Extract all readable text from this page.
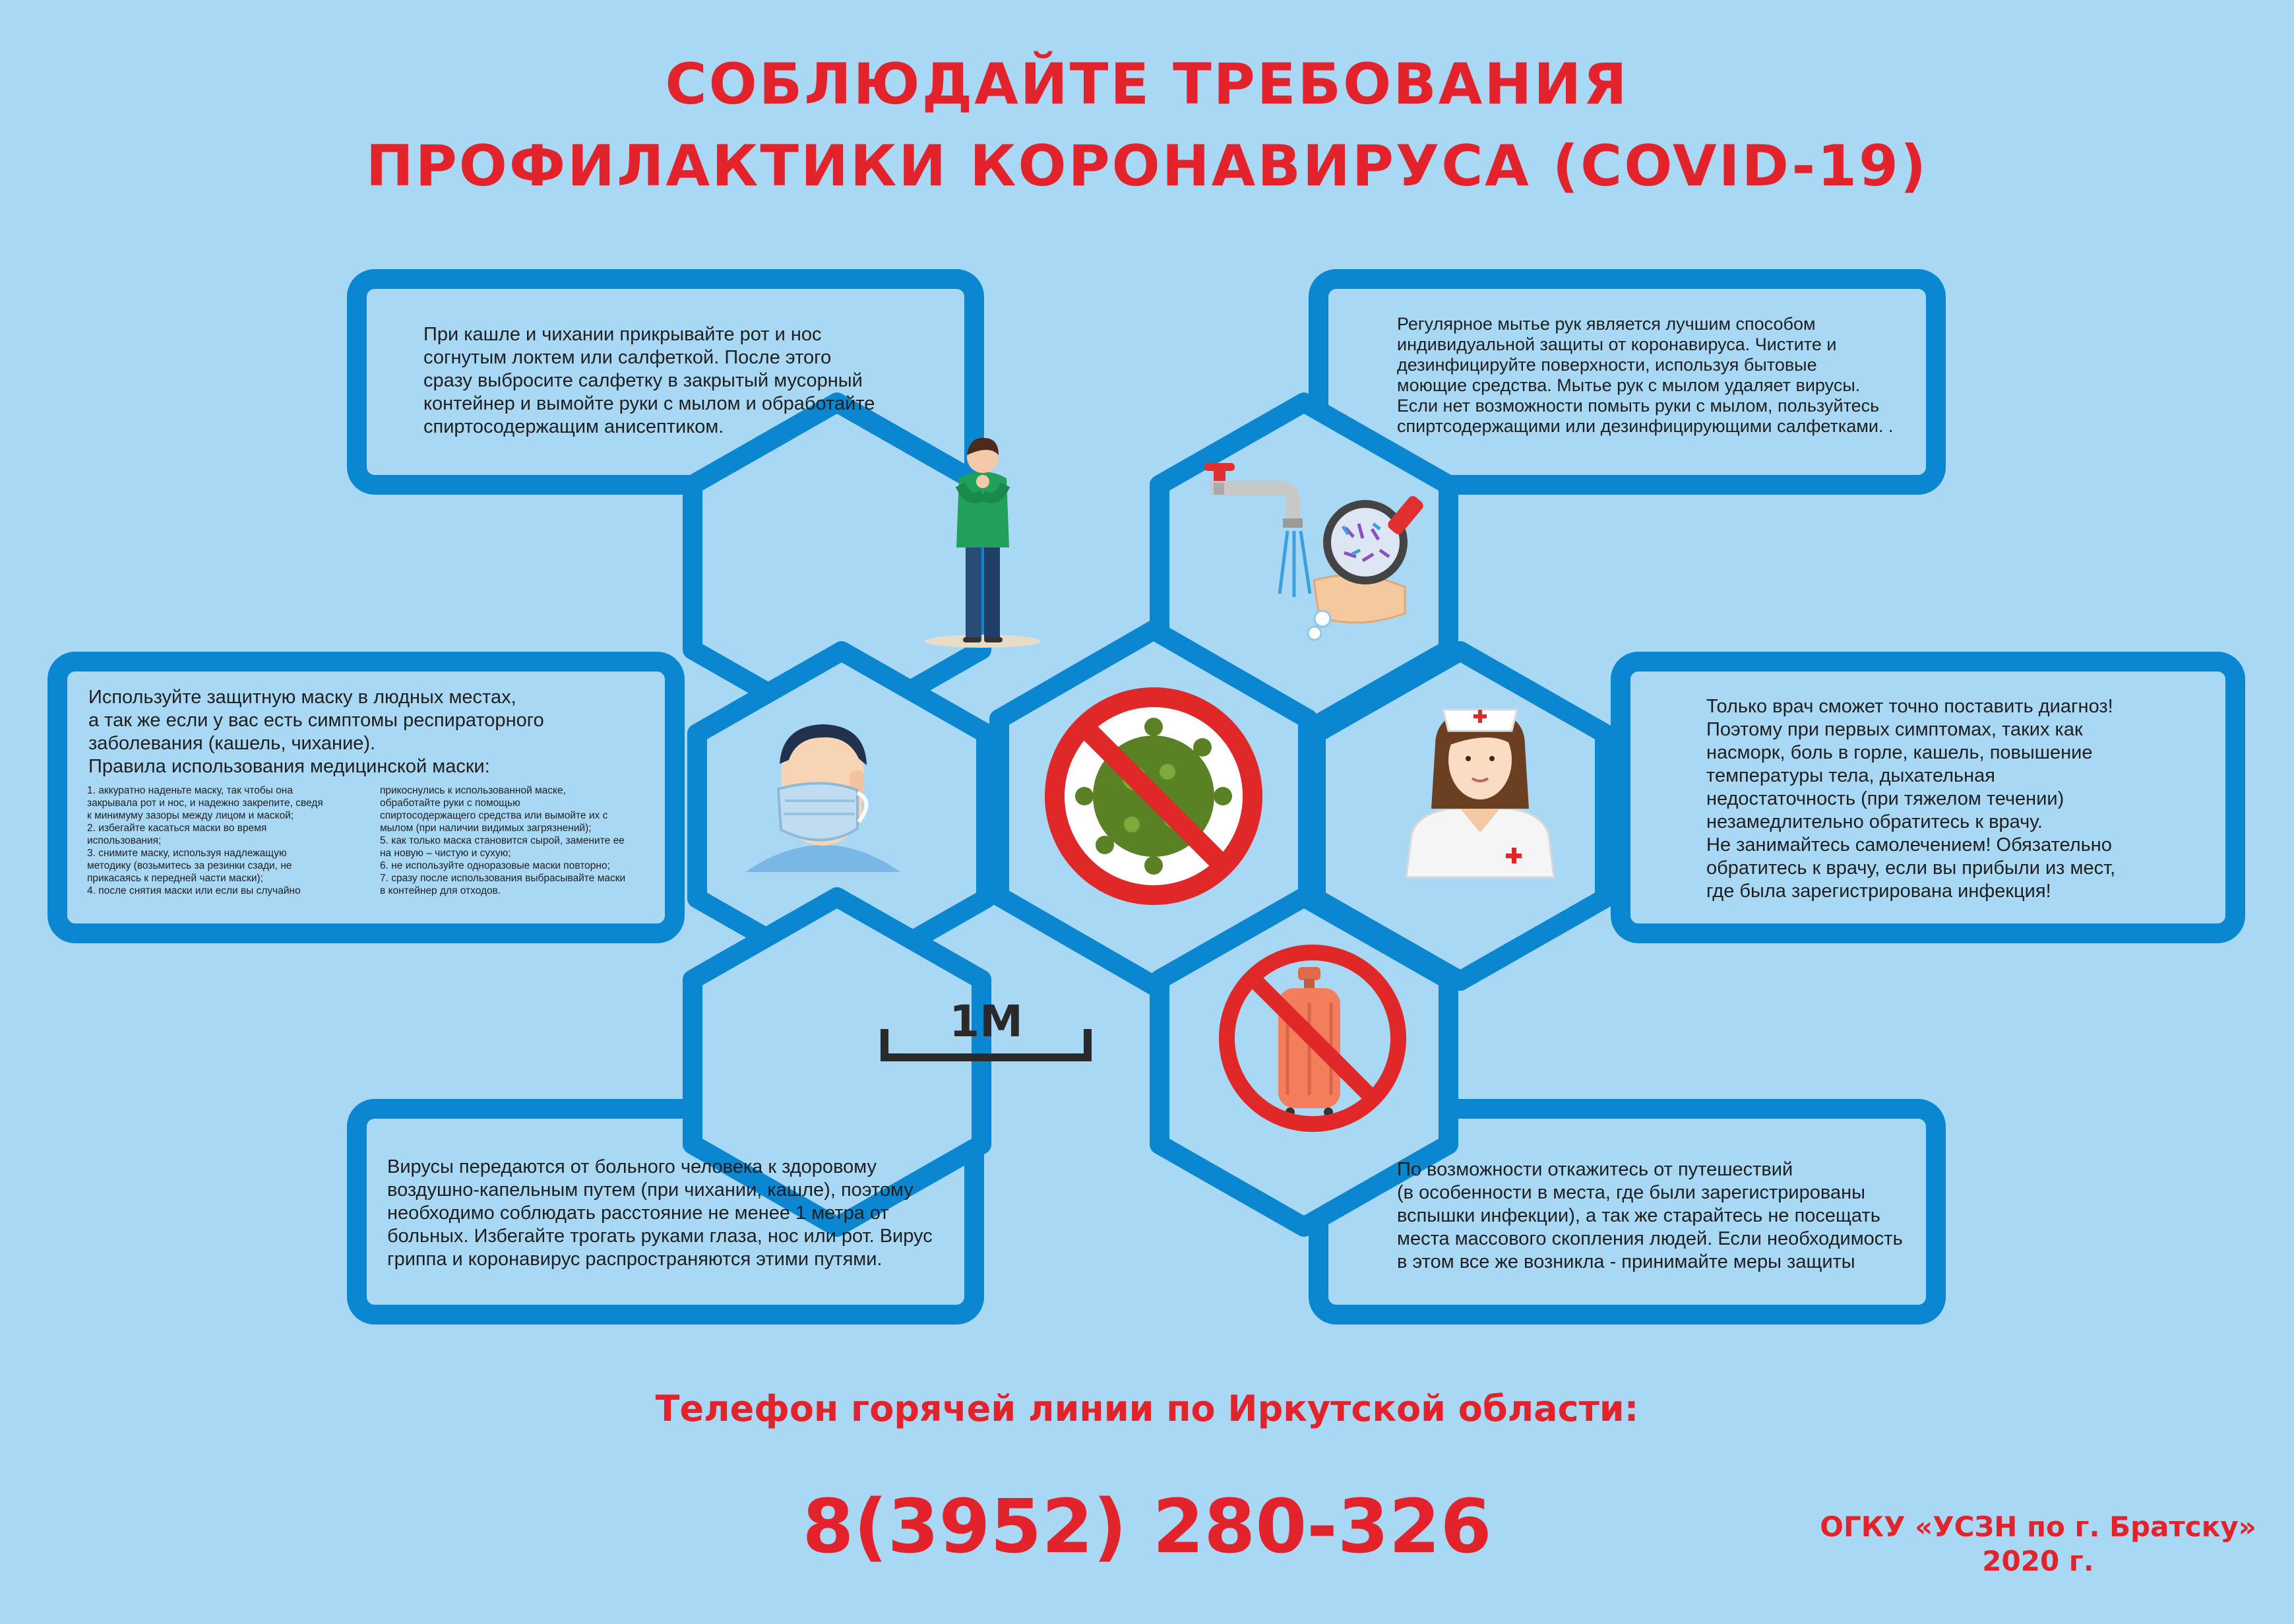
СОБЛЮДАЙТЕ ТРЕБОВАНИЯ
ПРОФИЛАКТИКИ КОРОНАВИРУСА (COVID-19)
При кашле и чихании прикрывайте рот и нос
согнутым локтем или салфеткой. После этого
сразу выбросите салфетку в закрытый мусорный
контейнер и вымойте руки с мылом и обработайте
спиртосодержащим анисептиком.
Регулярное мытье рук является лучшим способом
индивидуальной защиты от коронавируса. Чистите и
дезинфицируйте поверхности, используя бытовые
моющие средства. Мытье рук с мылом удаляет вирусы.
Если нет возможности помыть руки с мылом, пользуйтесь
спиртсодержащими или дезинфицирующими салфетками. .
Используйте защитную маску в людных местах,
а так же если у вас есть симптомы респираторного
заболевания (кашель, чихание).
Правила использования медицинской маски:
1. аккуратно наденьте маску, так чтобы она
закрывала рот и нос, и надежно закрепите, сведя
к минимуму зазоры между лицом и маской;
2. избегайте касаться маски во время
использования;
3. снимите маску, используя надлежащую
методику (возьмитесь за резинки сзади, не
прикасаясь к передней части маски);
4. после снятия маски или если вы случайно
прикоснулись к использованной маске,
обработайте руки с помощью
спиртосодержащего средства или вымойте их с
мылом (при наличии видимых загрязнений);
5. как только маска становится сырой, замените ее
на новую – чистую и сухую;
6. не используйте одноразовые маски повторно;
7. сразу после использования выбрасывайте маски
в контейнер для отходов.
Только врач сможет точно поставить диагноз!
Поэтому при первых симптомах, таких как
насморк, боль в горле, кашель, повышение
температуры тела, дыхательная
недостаточность (при тяжелом течении)
незамедлительно обратитесь к врачу.
Не занимайтесь самолечением! Обязательно
обратитесь к врачу, если вы прибыли из мест,
где была зарегистрирована инфекция!
Вирусы передаются от больного человека к здоровому
воздушно-капельным путем (при чихании, кашле), поэтому
необходимо соблюдать расстояние не менее 1 метра от
больных. Избегайте трогать руками глаза, нос или рот. Вирус
гриппа и коронавирус распространяются этими путями.
По возможности откажитесь от путешествий
(в особенности в места, где были зарегистрированы
вспышки инфекции), а так же старайтесь не посещать
места массового скопления людей. Если необходимость
в этом все же возникла - принимайте меры защиты
1М
Телефон горячей линии по Иркутской области:
8(3952) 280-326	ОГКУ «УСЗН по г. Братску»
2020 г.
